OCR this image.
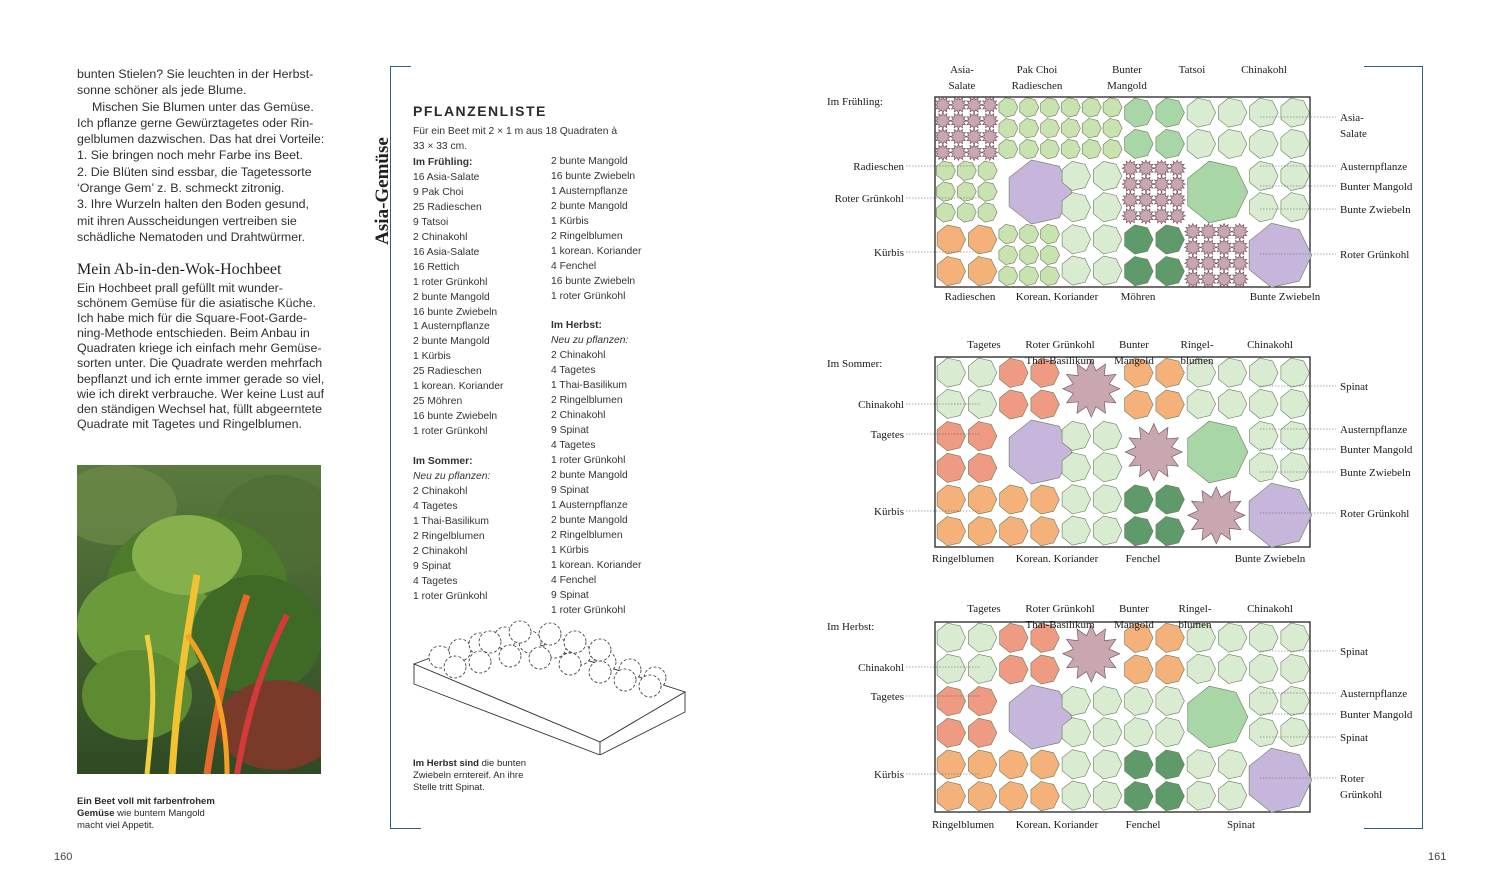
bunten Stielen? Sie leuchten in der Herbst-

sonne schöner als jede Blume.

Mischen Sie Blumen unter das Gemüse.

Ich pflanze gerne Gewürztagetes oder Rin-

gelblumen dazwischen. Das hat drei Vorteile:

1. Sie bringen noch mehr Farbe ins Beet.

2. Die Blüten sind essbar, die Tagetessorte

‘Orange Gem’ z. B. schmeckt zitronig.

3. Ihre Wurzeln halten den Boden gesund,

mit ihren Ausscheidungen vertreiben sie

schädliche Nematoden und Drahtwürmer.

Mein Ab-in-den-Wok-Hochbeet

Ein Hochbeet prall gefüllt mit wunder-

schönem Gemüse für die asiatische Küche.

Ich habe mich für die Square-Foot-Garde-

ning-Methode entschieden. Beim Anbau in

Quadraten kriege ich einfach mehr Gemüse-

sorten unter. Die Quadrate werden mehrfach

bepflanzt und ich ernte immer gerade so viel,

wie ich direkt verbrauche. Wer keine Lust auf

den ständigen Wechsel hat, füllt abgeerntete

Quadrate mit Tagetes und Ringelblumen.

Ein Beet voll mit farbenfrohem
Gemüse wie buntem Mangold
macht viel Appetit.
160
Asia-Gemüse
PFLANZENLISTE
Für ein Beet mit 2 × 1 m aus 18 Quadraten à
33 × 33 cm.
Im Frühling:
16 Asia-Salate
9 Pak Choi
25 Radieschen
9 Tatsoi
2 Chinakohl
16 Asia-Salate
16 Rettich
1 roter Grünkohl
2 bunte Mangold
16 bunte Zwiebeln
1 Austernpflanze
2 bunte Mangold
1 Kürbis
25 Radieschen
1 korean. Koriander
25 Möhren
16 bunte Zwiebeln
1 roter Grünkohl

Im Sommer:
Neu zu pflanzen:
2 Chinakohl
4 Tagetes
1 Thai-Basilikum
2 Ringelblumen
2 Chinakohl
9 Spinat
4 Tagetes
1 roter Grünkohl
2 bunte Mangold
16 bunte Zwiebeln
1 Austernpflanze
2 bunte Mangold
1 Kürbis
2 Ringelblumen
1 korean. Koriander
4 Fenchel
16 bunte Zwiebeln
1 roter Grünkohl

Im Herbst:
Neu zu pflanzen:
2 Chinakohl
4 Tagetes
1 Thai-Basilikum
2 Ringelblumen
2 Chinakohl
9 Spinat
4 Tagetes
1 roter Grünkohl
2 bunte Mangold
9 Spinat
1 Austernpflanze
2 bunte Mangold
2 Ringelblumen
1 Kürbis
1 korean. Koriander
4 Fenchel
9 Spinat
1 roter Grünkohl
Im Herbst sind die bunten
Zwiebeln erntereif. An ihre
Stelle tritt Spinat.
Im Frühling:
Asia-
Salate
Pak Choi
Radieschen
Bunter
Mangold
Tatsoi	Chinakohl
Radieschen
Roter Grünkohl
Kürbis
Asia-
Salate
Austernpflanze
Bunter Mangold
Bunte Zwiebeln
Roter Grünkohl
Radieschen Korean. Koriander Möhren	Bunte Zwiebeln
Im Sommer:
Tagetes Roter Grünkohl
Thai-Basilikum
Bunter
Mangold
Ringel-
blumen
Chinakohl
Chinakohl
Tagetes
Kürbis
Spinat
Austernpflanze
Bunter Mangold
Bunte Zwiebeln
Roter Grünkohl
Ringelblumen Korean. Koriander Fenchel	Bunte Zwiebeln
Im Herbst:
Tagetes Roter Grünkohl
Thai-Basilikum
Bunter
Mangold
Ringel-
blumen
Chinakohl
Chinakohl
Tagetes
Kürbis
Spinat
Austernpflanze
Bunter Mangold
Spinat
Roter
Grünkohl
Ringelblumen Korean. Koriander Fenchel	Spinat
161
